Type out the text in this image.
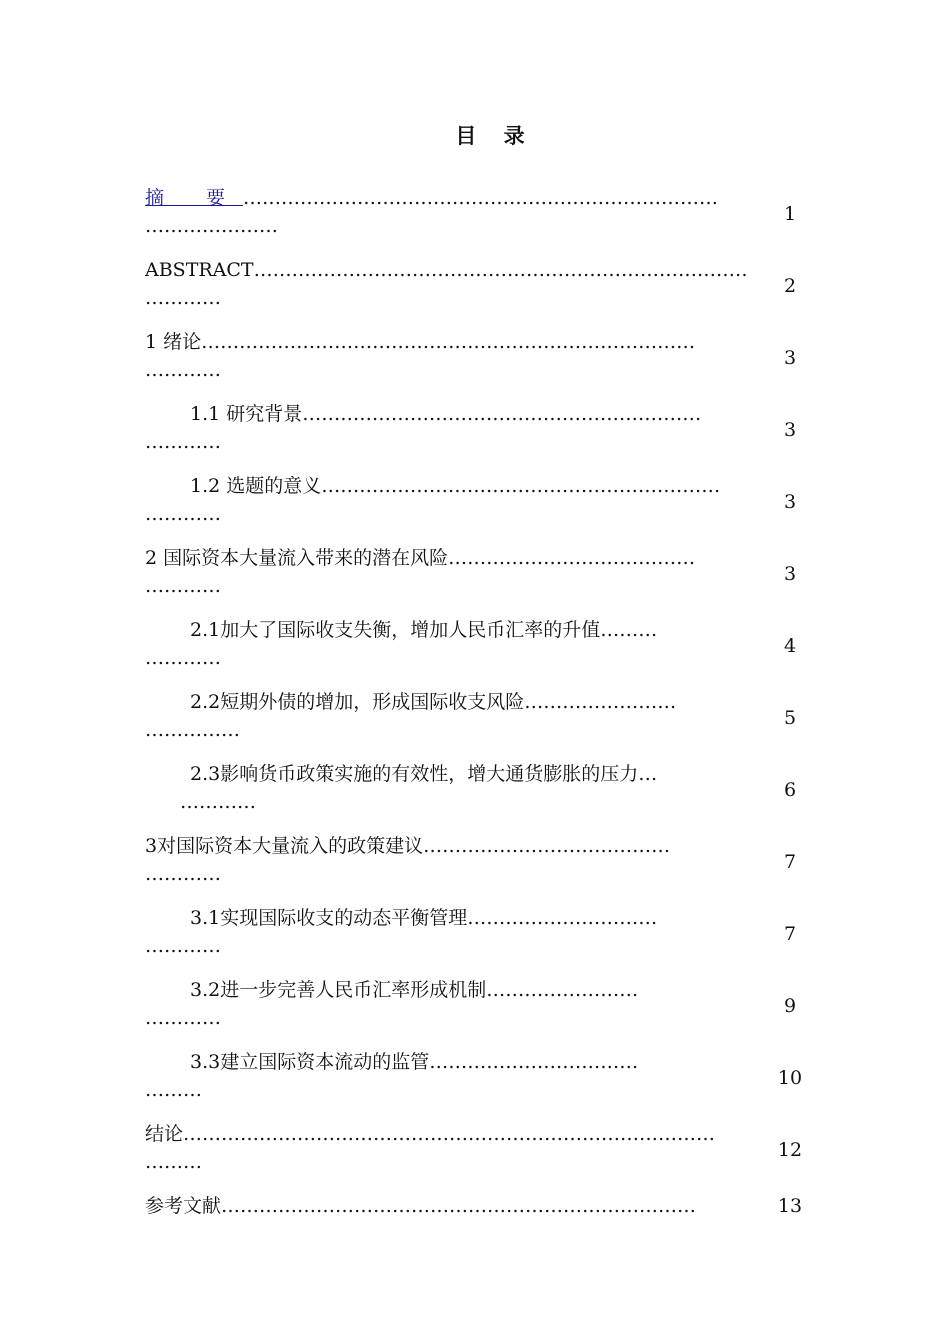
目 录
摘 要…………………………………………………………………
…………………
1
ABSTRACT……………………………………………………………………
…………
2
1 绪论……………………………………………………………………
…………
3
1.1 研究背景………………………………………………………
…………
3
1.2 选题的意义………………………………………………………
…………
3
2 国际资本大量流入带来的潜在风险…………………………………
…………
3
2.1加大了国际收支失衡，增加人民币汇率的升值………
…………
4
2.2短期外债的增加，形成国际收支风险……………………
……………
5
2.3影响货币政策实施的有效性，增大通货膨胀的压力…
…………
6
3对国际资本大量流入的政策建议…………………………………
…………
7
3.1实现国际收支的动态平衡管理…………………………
…………
7
3.2进一步完善人民币汇率形成机制……………………
…………
9
3.3建立国际资本流动的监管……………………………
………
10
结论…………………………………………………………………………
………
12
参考文献…………………………………………………………………	13
